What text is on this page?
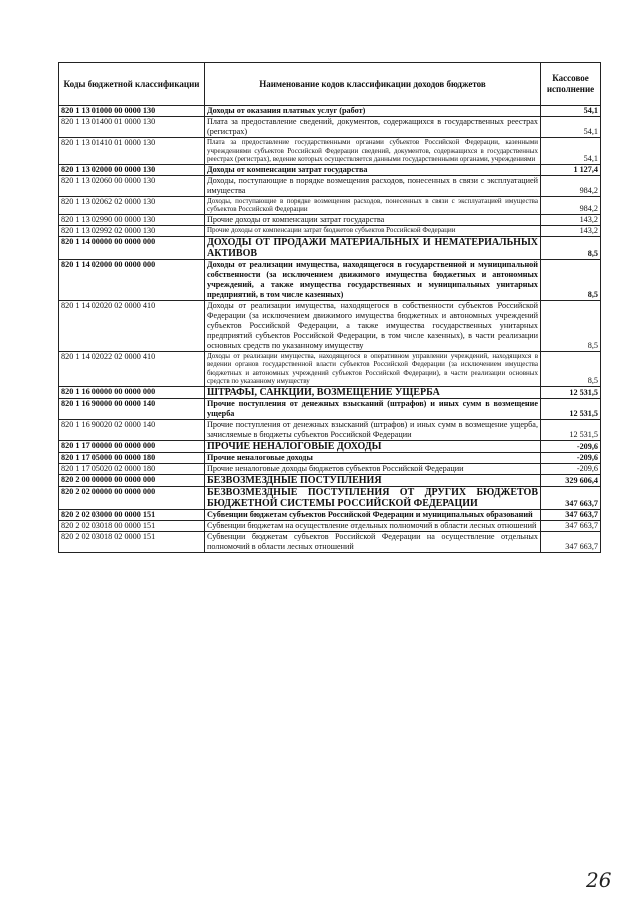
Коды бюджетной классификации	Наименование кодов классификации доходов бюджетов	Кассовое исполнение
820 1 13 01000 00 0000 130	Доходы от оказания платных услуг (работ)	54,1
820 1 13 01400 01 0000 130	Плата за предоставление сведений, документов, содержащихся в государственных реестрах (регистрах)	54,1
820 1 13 01410 01 0000 130	Плата за предоставление государственными органами субъектов Российской Федерации, казенными учреждениями субъектов Российской Федерации сведений, документов, содержащихся в государственных реестрах (регистрах), ведение которых осуществляется данными государственными органами, учреждениями	54,1
820 1 13 02000 00 0000 130	Доходы от компенсации затрат государства	1 127,4
820 1 13 02060 00 0000 130	Доходы, поступающие в порядке возмещения расходов, понесенных в связи с эксплуатацией имущества	984,2
820 1 13 02062 02 0000 130	Доходы, поступающие в порядке возмещения расходов, понесенных в связи с эксплуатацией имущества субъектов Российской Федерации	984,2
820 1 13 02990 00 0000 130	Прочие доходы от компенсации затрат государства	143,2
820 1 13 02992 02 0000 130	Прочие доходы от компенсации затрат бюджетов субъектов Российской Федерации	143,2
820 1 14 00000 00 0000 000	ДОХОДЫ ОТ ПРОДАЖИ МАТЕРИАЛЬНЫХ И НЕМАТЕРИАЛЬНЫХ АКТИВОВ	8,5
820 1 14 02000 00 0000 000	Доходы от реализации имущества, находящегося в государственной и муниципальной собственности (за исключением движимого имущества бюджетных и автономных учреждений, а также имущества государственных и муниципальных унитарных предприятий, в том числе казенных)	8,5
820 1 14 02020 02 0000 410	Доходы от реализации имущества, находящегося в собственности субъектов Российской Федерации (за исключением движимого имущества бюджетных и автономных учреждений субъектов Российской Федерации, а также имущества государственных унитарных предприятий субъектов Российской Федерации, в том числе казенных), в части реализации основных средств по указанному имуществу	8,5
820 1 14 02022 02 0000 410	Доходы от реализации имущества, находящегося в оперативном управлении учреждений, находящихся в ведении органов государственной власти субъектов Российской Федерации (за исключением имущества бюджетных и автономных учреждений субъектов Российской Федерации), в части реализации основных средств по указанному имуществу	8,5
820 1 16 00000 00 0000 000	ШТРАФЫ, САНКЦИИ, ВОЗМЕЩЕНИЕ УЩЕРБА	12 531,5
820 1 16 90000 00 0000 140	Прочие поступления от денежных взысканий (штрафов) и иных сумм в возмещение ущерба	12 531,5
820 1 16 90020 02 0000 140	Прочие поступления от денежных взысканий (штрафов) и иных сумм в возмещение ущерба, зачисляемые в бюджеты субъектов Российской Федерации	12 531,5
820 1 17 00000 00 0000 000	ПРОЧИЕ НЕНАЛОГОВЫЕ ДОХОДЫ	-209,6
820 1 17 05000 00 0000 180	Прочие неналоговые доходы	-209,6
820 1 17 05020 02 0000 180	Прочие неналоговые доходы бюджетов субъектов Российской Федерации	-209,6
820 2 00 00000 00 0000 000	БЕЗВОЗМЕЗДНЫЕ ПОСТУПЛЕНИЯ	329 606,4
820 2 02 00000 00 0000 000	БЕЗВОЗМЕЗДНЫЕ ПОСТУПЛЕНИЯ ОТ ДРУГИХ БЮДЖЕТОВ БЮДЖЕТНОЙ СИСТЕМЫ РОССИЙСКОЙ ФЕДЕРАЦИИ	347 663,7
820 2 02 03000 00 0000 151	Субвенции бюджетам субъектов Российской Федерации и муниципальных образований	347 663,7
820 2 02 03018 00 0000 151	Субвенции бюджетам на осуществление отдельных полномочий в области лесных отношений	347 663,7
820 2 02 03018 02 0000 151	Субвенции бюджетам субъектов Российской Федерации на осуществление отдельных полномочий в области лесных отношений	347 663,7
26
